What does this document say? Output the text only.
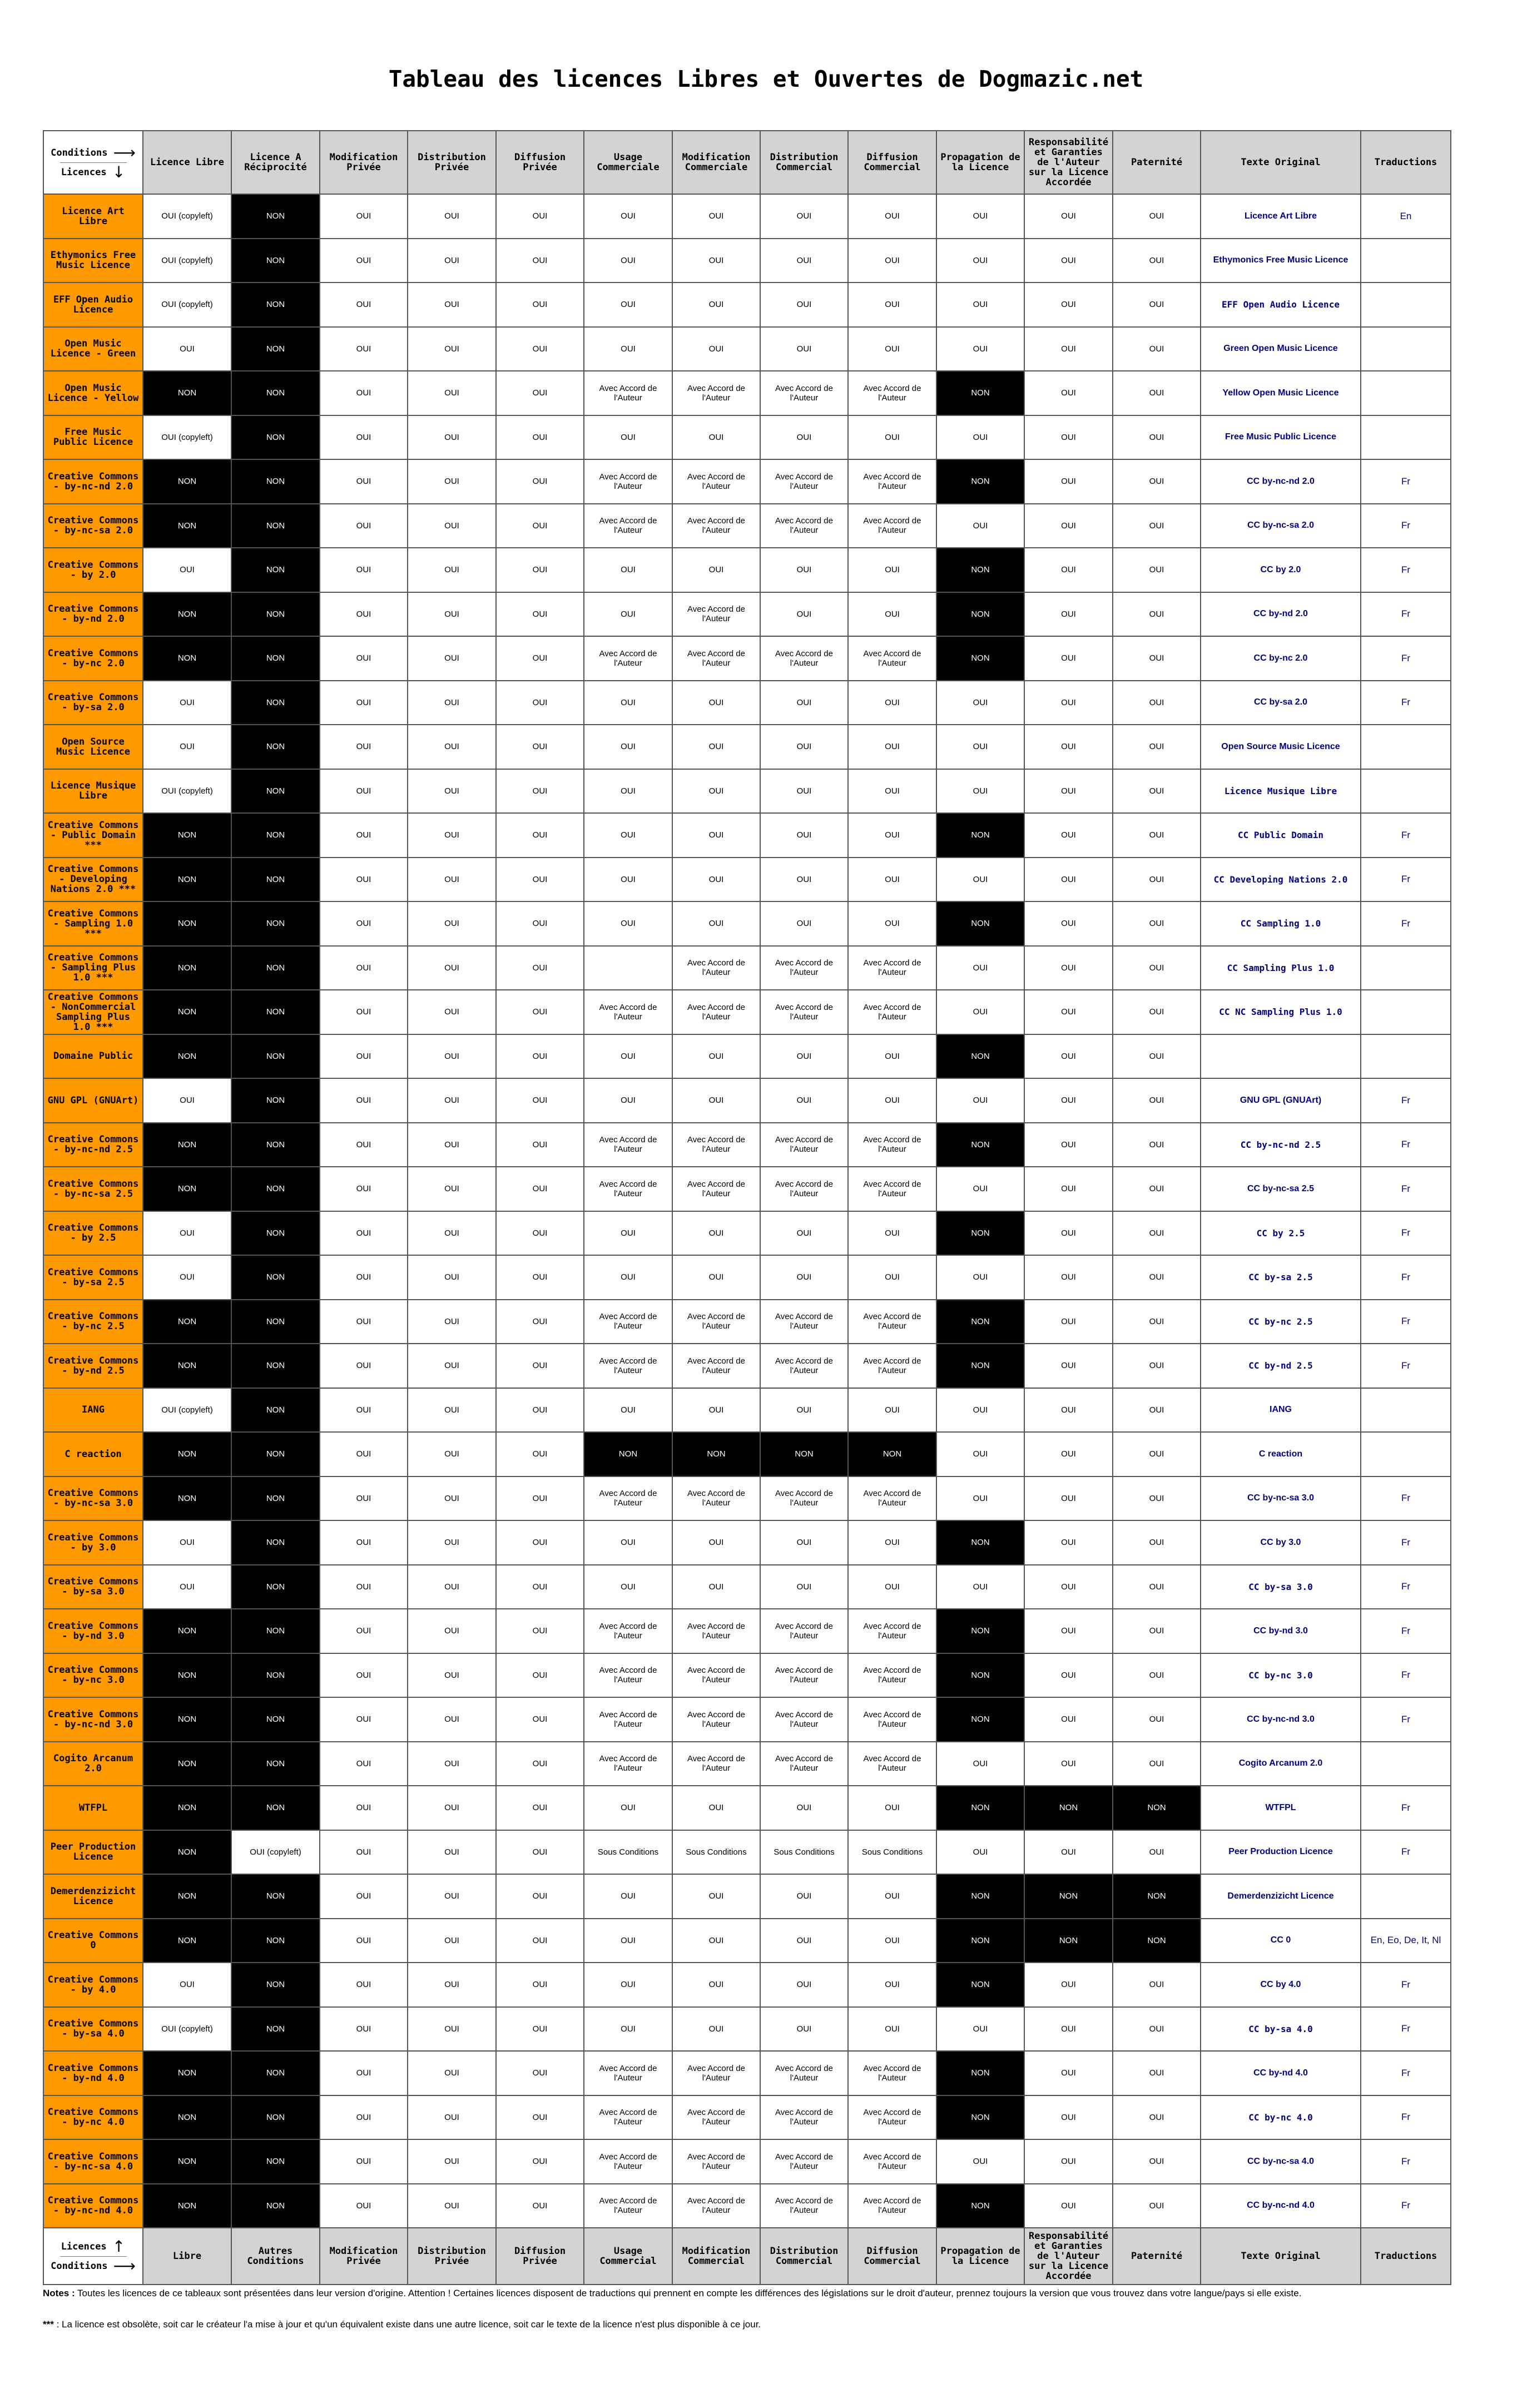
Tableau des licences Libres et Ouvertes de Dogmazic.net
Conditions ⟶
Licences ↓	Licence Libre	Licence A Réciprocité	Modification Privée	Distribution Privée	Diffusion Privée	Usage Commerciale	Modification Commerciale	Distribution Commercial	Diffusion Commercial	Propagation de la Licence	Responsabilité et Garanties de l'Auteur sur la Licence Accordée	Paternité	Texte Original	Traductions
Licence Art Libre	OUI (copyleft)	NON	OUI	OUI	OUI	OUI	OUI	OUI	OUI	OUI	OUI	OUI	Licence Art Libre	En
Ethymonics Free Music Licence	OUI (copyleft)	NON	OUI	OUI	OUI	OUI	OUI	OUI	OUI	OUI	OUI	OUI	Ethymonics Free Music Licence	
EFF Open Audio Licence	OUI (copyleft)	NON	OUI	OUI	OUI	OUI	OUI	OUI	OUI	OUI	OUI	OUI	EFF Open Audio Licence	
Open Music Licence - Green	OUI	NON	OUI	OUI	OUI	OUI	OUI	OUI	OUI	OUI	OUI	OUI	Green Open Music Licence	
Open Music Licence - Yellow	NON	NON	OUI	OUI	OUI	Avec Accord de l'Auteur	Avec Accord de l'Auteur	Avec Accord de l'Auteur	Avec Accord de l'Auteur	NON	OUI	OUI	Yellow Open Music Licence	
Free Music Public Licence	OUI (copyleft)	NON	OUI	OUI	OUI	OUI	OUI	OUI	OUI	OUI	OUI	OUI	Free Music Public Licence	
Creative Commons - by-nc-nd 2.0	NON	NON	OUI	OUI	OUI	Avec Accord de l'Auteur	Avec Accord de l'Auteur	Avec Accord de l'Auteur	Avec Accord de l'Auteur	NON	OUI	OUI	CC by-nc-nd 2.0	Fr
Creative Commons - by-nc-sa 2.0	NON	NON	OUI	OUI	OUI	Avec Accord de l'Auteur	Avec Accord de l'Auteur	Avec Accord de l'Auteur	Avec Accord de l'Auteur	OUI	OUI	OUI	CC by-nc-sa 2.0	Fr
Creative Commons - by 2.0	OUI	NON	OUI	OUI	OUI	OUI	OUI	OUI	OUI	NON	OUI	OUI	CC by 2.0	Fr
Creative Commons - by-nd 2.0	NON	NON	OUI	OUI	OUI	OUI	Avec Accord de l'Auteur	OUI	OUI	NON	OUI	OUI	CC by-nd 2.0	Fr
Creative Commons - by-nc 2.0	NON	NON	OUI	OUI	OUI	Avec Accord de l'Auteur	Avec Accord de l'Auteur	Avec Accord de l'Auteur	Avec Accord de l'Auteur	NON	OUI	OUI	CC by-nc 2.0	Fr
Creative Commons - by-sa 2.0	OUI	NON	OUI	OUI	OUI	OUI	OUI	OUI	OUI	OUI	OUI	OUI	CC by-sa 2.0	Fr
Open Source Music Licence	OUI	NON	OUI	OUI	OUI	OUI	OUI	OUI	OUI	OUI	OUI	OUI	Open Source Music Licence	
Licence Musique Libre	OUI (copyleft)	NON	OUI	OUI	OUI	OUI	OUI	OUI	OUI	OUI	OUI	OUI	Licence Musique Libre	
Creative Commons - Public Domain ***	NON	NON	OUI	OUI	OUI	OUI	OUI	OUI	OUI	NON	OUI	OUI	CC Public Domain	Fr
Creative Commons - Developing Nations 2.0 ***	NON	NON	OUI	OUI	OUI	OUI	OUI	OUI	OUI	OUI	OUI	OUI	CC Developing Nations 2.0	Fr
Creative Commons - Sampling 1.0 ***	NON	NON	OUI	OUI	OUI	OUI	OUI	OUI	OUI	NON	OUI	OUI	CC Sampling 1.0	Fr
Creative Commons - Sampling Plus 1.0 ***	NON	NON	OUI	OUI	OUI		Avec Accord de l'Auteur	Avec Accord de l'Auteur	Avec Accord de l'Auteur	OUI	OUI	OUI	CC Sampling Plus 1.0	
Creative Commons - NonCommercial Sampling Plus 1.0 ***	NON	NON	OUI	OUI	OUI	Avec Accord de l'Auteur	Avec Accord de l'Auteur	Avec Accord de l'Auteur	Avec Accord de l'Auteur	OUI	OUI	OUI	CC NC Sampling Plus 1.0	
Domaine Public	NON	NON	OUI	OUI	OUI	OUI	OUI	OUI	OUI	NON	OUI	OUI		
GNU GPL (GNUArt)	OUI	NON	OUI	OUI	OUI	OUI	OUI	OUI	OUI	OUI	OUI	OUI	GNU GPL (GNUArt)	Fr
Creative Commons - by-nc-nd 2.5	NON	NON	OUI	OUI	OUI	Avec Accord de l'Auteur	Avec Accord de l'Auteur	Avec Accord de l'Auteur	Avec Accord de l'Auteur	NON	OUI	OUI	CC by-nc-nd 2.5	Fr
Creative Commons - by-nc-sa 2.5	NON	NON	OUI	OUI	OUI	Avec Accord de l'Auteur	Avec Accord de l'Auteur	Avec Accord de l'Auteur	Avec Accord de l'Auteur	OUI	OUI	OUI	CC by-nc-sa 2.5	Fr
Creative Commons - by 2.5	OUI	NON	OUI	OUI	OUI	OUI	OUI	OUI	OUI	NON	OUI	OUI	CC by 2.5	Fr
Creative Commons - by-sa 2.5	OUI	NON	OUI	OUI	OUI	OUI	OUI	OUI	OUI	OUI	OUI	OUI	CC by-sa 2.5	Fr
Creative Commons - by-nc 2.5	NON	NON	OUI	OUI	OUI	Avec Accord de l'Auteur	Avec Accord de l'Auteur	Avec Accord de l'Auteur	Avec Accord de l'Auteur	NON	OUI	OUI	CC by-nc 2.5	Fr
Creative Commons - by-nd 2.5	NON	NON	OUI	OUI	OUI	Avec Accord de l'Auteur	Avec Accord de l'Auteur	Avec Accord de l'Auteur	Avec Accord de l'Auteur	NON	OUI	OUI	CC by-nd 2.5	Fr
IANG	OUI (copyleft)	NON	OUI	OUI	OUI	OUI	OUI	OUI	OUI	OUI	OUI	OUI	IANG	
C reaction	NON	NON	OUI	OUI	OUI	NON	NON	NON	NON	OUI	OUI	OUI	C reaction	
Creative Commons - by-nc-sa 3.0	NON	NON	OUI	OUI	OUI	Avec Accord de l'Auteur	Avec Accord de l'Auteur	Avec Accord de l'Auteur	Avec Accord de l'Auteur	OUI	OUI	OUI	CC by-nc-sa 3.0	Fr
Creative Commons - by 3.0	OUI	NON	OUI	OUI	OUI	OUI	OUI	OUI	OUI	NON	OUI	OUI	CC by 3.0	Fr
Creative Commons - by-sa 3.0	OUI	NON	OUI	OUI	OUI	OUI	OUI	OUI	OUI	OUI	OUI	OUI	CC by-sa 3.0	Fr
Creative Commons - by-nd 3.0	NON	NON	OUI	OUI	OUI	Avec Accord de l'Auteur	Avec Accord de l'Auteur	Avec Accord de l'Auteur	Avec Accord de l'Auteur	NON	OUI	OUI	CC by-nd 3.0	Fr
Creative Commons - by-nc 3.0	NON	NON	OUI	OUI	OUI	Avec Accord de l'Auteur	Avec Accord de l'Auteur	Avec Accord de l'Auteur	Avec Accord de l'Auteur	NON	OUI	OUI	CC by-nc 3.0	Fr
Creative Commons - by-nc-nd 3.0	NON	NON	OUI	OUI	OUI	Avec Accord de l'Auteur	Avec Accord de l'Auteur	Avec Accord de l'Auteur	Avec Accord de l'Auteur	NON	OUI	OUI	CC by-nc-nd 3.0	Fr
Cogito Arcanum 2.0	NON	NON	OUI	OUI	OUI	Avec Accord de l'Auteur	Avec Accord de l'Auteur	Avec Accord de l'Auteur	Avec Accord de l'Auteur	OUI	OUI	OUI	Cogito Arcanum 2.0	
WTFPL	NON	NON	OUI	OUI	OUI	OUI	OUI	OUI	OUI	NON	NON	NON	WTFPL	Fr
Peer Production Licence	NON	OUI (copyleft)	OUI	OUI	OUI	Sous Conditions	Sous Conditions	Sous Conditions	Sous Conditions	OUI	OUI	OUI	Peer Production Licence	Fr
Demerdenzizicht Licence	NON	NON	OUI	OUI	OUI	OUI	OUI	OUI	OUI	NON	NON	NON	Demerdenzizicht Licence	
Creative Commons 0	NON	NON	OUI	OUI	OUI	OUI	OUI	OUI	OUI	NON	NON	NON	CC 0	En, Eo, De, It, Nl
Creative Commons - by 4.0	OUI	NON	OUI	OUI	OUI	OUI	OUI	OUI	OUI	NON	OUI	OUI	CC by 4.0	Fr
Creative Commons - by-sa 4.0	OUI (copyleft)	NON	OUI	OUI	OUI	OUI	OUI	OUI	OUI	OUI	OUI	OUI	CC by-sa 4.0	Fr
Creative Commons - by-nd 4.0	NON	NON	OUI	OUI	OUI	Avec Accord de l'Auteur	Avec Accord de l'Auteur	Avec Accord de l'Auteur	Avec Accord de l'Auteur	NON	OUI	OUI	CC by-nd 4.0	Fr
Creative Commons - by-nc 4.0	NON	NON	OUI	OUI	OUI	Avec Accord de l'Auteur	Avec Accord de l'Auteur	Avec Accord de l'Auteur	Avec Accord de l'Auteur	NON	OUI	OUI	CC by-nc 4.0	Fr
Creative Commons - by-nc-sa 4.0	NON	NON	OUI	OUI	OUI	Avec Accord de l'Auteur	Avec Accord de l'Auteur	Avec Accord de l'Auteur	Avec Accord de l'Auteur	OUI	OUI	OUI	CC by-nc-sa 4.0	Fr
Creative Commons - by-nc-nd 4.0	NON	NON	OUI	OUI	OUI	Avec Accord de l'Auteur	Avec Accord de l'Auteur	Avec Accord de l'Auteur	Avec Accord de l'Auteur	NON	OUI	OUI	CC by-nc-nd 4.0	Fr
Licences ↑
Conditions ⟶	Libre	Autres Conditions	Modification Privée	Distribution Privée	Diffusion Privée	Usage Commercial	Modification Commercial	Distribution Commercial	Diffusion Commercial	Propagation de la Licence	Responsabilité et Garanties de l'Auteur sur la Licence Accordée	Paternité	Texte Original	Traductions

Notes : Toutes les licences de ce tableaux sont présentées dans leur version d'origine. Attention ! Certaines licences disposent de traductions qui prennent en compte les différences des législations sur le droit d'auteur, prennez toujours la version que vous trouvez dans votre langue/pays si elle existe.

*** : La licence est obsolète, soit car le créateur l'a mise à jour et qu'un équivalent existe dans une autre licence, soit car le texte de la licence n'est plus disponible à ce jour.
